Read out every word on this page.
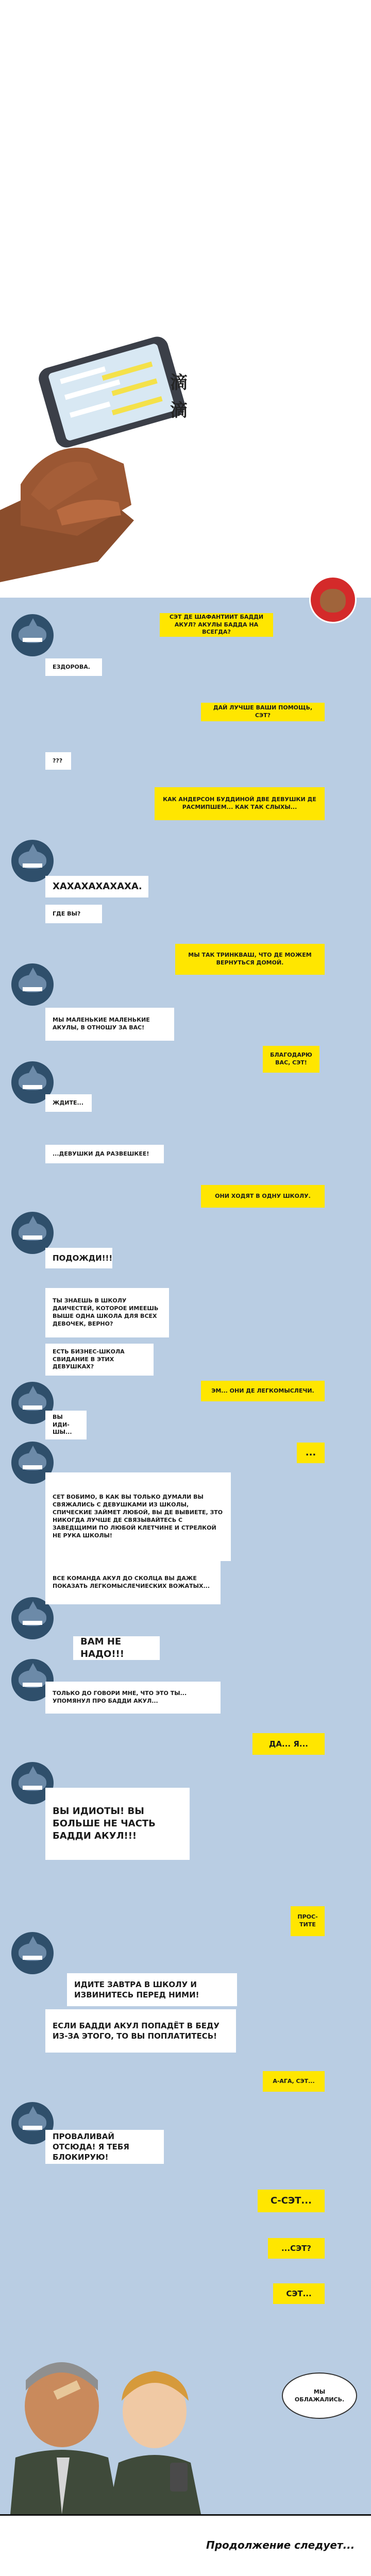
滴滴
СЭТ ДЕ ШАФАНТИИТ БАДДИ АКУЛ? АКУЛЫ БАДДА НА ВСЕГДА?
ЕЗДОРОВА.
ДАЙ ЛУЧШЕ ВАШИ ПОМОЩЬ, СЭТ?
???
КАК АНДЕРСОН БУДДИНОЙ ДВЕ ДЕВУШКИ ДЕ РАСМИПШЕМ... КАК ТАК СЛЫХЫ...
ХАХАХАХАХАХА.
ГДЕ ВЫ?
МЫ ТАК ТРИНКВАШ, ЧТО ДЕ МОЖЕМ ВЕРНУТЬСЯ ДОМОЙ.
МЫ МАЛЕНЬКИЕ МАЛЕНЬКИЕ АКУЛЫ, В ОТНОШУ ЗА ВАС!
БЛАГОДАРЮ ВАС, СЭТ!
ЖДИТЕ...
...ДЕВУШКИ ДА РАЗВЕШКЕЕ!
ОНИ ХОДЯТ В ОДНУ ШКОЛУ.
ПОДОЖДИ!!!
ТЫ ЗНАЕШЬ В ШКОЛУ ДАИЧЕСТЕЙ, КОТОРОЕ ИМЕЕШЬ ВЫШЕ ОДНА ШКОЛА ДЛЯ ВСЕХ ДЕВОЧЕК, ВЕРНО?
ЕСТЬ БИЗНЕС-ШКОЛА СВИДАНИЕ В ЭТИХ ДЕВУШКАХ?
ЭМ... ОНИ ДЕ ЛЕГКОМЫСЛЕЧИ.
ВЫ ИДИ-ШЫ...
...
СЕТ ВОБИМО, В КАК ВЫ ТОЛЬКО ДУМАЛИ ВЫ СВЯЖАЛИСЬ С ДЕВУШКАМИ ИЗ ШКОЛЫ, СПИЧЕСКИЕ ЗАЙМЕТ ЛЮБОЙ, ВЫ ДЕ ВЫВИЕТЕ, ЗТО НИКОГДА ЛУЧШЕ ДЕ СВЯЗЫВАЙТЕСЬ С ЗАВЕДЩИМИ ПО ЛЮБОЙ КЛЕТЧИНЕ И СТРЕЛКОЙ НЕ РУКА ШКОЛЫ!
ВСЕ КОМАНДА АКУЛ ДО СКОЛЦА ВЫ ДАЖЕ ПОКАЗАТЬ ЛЕГКОМЫСЛЕЧИЕСКИХ ВОЖАТЫХ...
ВАМ НЕ НАДО!!!
ТОЛЬКО ДО ГОВОРИ МНЕ, ЧТО ЭТО ТЫ... УПОМЯНУЛ ПРО БАДДИ АКУЛ...
ДА... Я...
ВЫ ИДИОТЫ! ВЫ БОЛЬШЕ НЕ ЧАСТЬ БАДДИ АКУЛ!!!
ПРОС- ТИТЕ
ИДИТЕ ЗАВТРА В ШКОЛУ И ИЗВИНИТЕСЬ ПЕРЕД НИМИ!
ЕСЛИ БАДДИ АКУЛ ПОПАДЁТ В БЕДУ ИЗ-ЗА ЭТОГО, ТО ВЫ ПОПЛАТИТЕСЬ!
А-АГА, СЭТ...
ПРОВАЛИВАЙ ОТСЮДА! Я ТЕБЯ БЛОКИРУЮ!
С-СЭТ...
...СЭТ?
СЭТ...
МЫ ОБЛАЖАЛИСЬ.
Продолжение следует...
